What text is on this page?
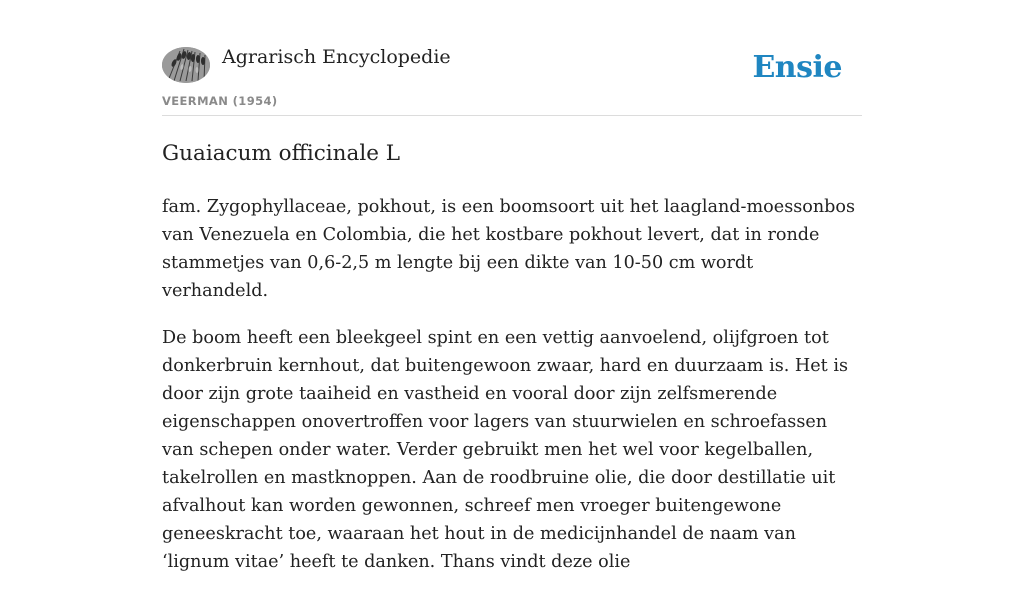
Agrarisch Encyclopedie
VEERMAN (1954)
Ensie
Guaiacum officinale L

fam. Zygophyllaceae, pokhout, is een boomsoort uit het laagland-moessonbos van Venezuela en Colombia, die het kostbare pokhout levert, dat in ronde stammetjes van 0,6-2,5 m lengte bij een dikte van 10-50 cm wordt verhandeld.

De boom heeft een bleekgeel spint en een vettig aanvoelend, olijfgroen tot donkerbruin kernhout, dat buitengewoon zwaar, hard en duurzaam is. Het is door zijn grote taaiheid en vastheid en vooral door zijn zelfsmerende eigenschappen onovertroffen voor lagers van stuurwielen en schroefassen van schepen onder water. Verder gebruikt men het wel voor kegelballen, takelrollen en mastknoppen. Aan de roodbruine olie, die door destillatie uit afvalhout kan worden gewonnen, schreef men vroeger buitengewone geneeskracht toe, waaraan het hout in de medicijnhandel de naam van ‘lignum vitae’ heeft te danken. Thans vindt deze olie
